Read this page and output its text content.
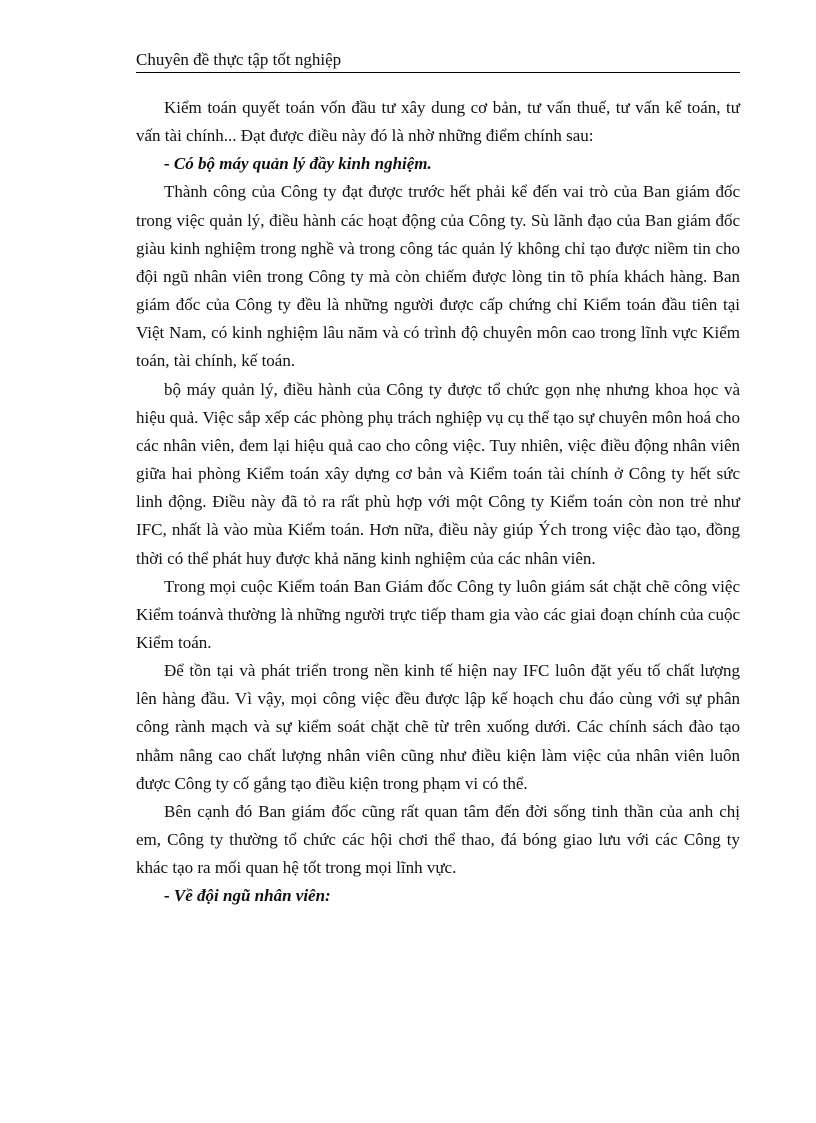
Chuyên đề thực tập tốt nghiệp

Kiểm toán quyết toán vốn đầu tư xây dung cơ bản, tư vấn thuế, tư vấn kế toán, tư vấn tài chính... Đạt được điều này đó là nhờ những điểm chính sau:

- Có bộ máy quản lý đầy kinh nghiệm.

Thành công của Công ty đạt được trước hết phải kể đến vai trò của Ban giám đốc trong việc quản lý, điều hành các hoạt động của Công ty. Sù lãnh đạo của Ban giám đốc giàu kinh nghiệm trong nghề và trong công tác quản lý không chỉ tạo được niềm tin cho đội ngũ nhân viên trong Công ty mà còn chiếm được lòng tin tõ phía khách hàng. Ban giám đốc của Công ty đều là những người được cấp chứng chỉ Kiểm toán đầu tiên tại Việt Nam, có kinh nghiệm lâu năm và có trình độ chuyên môn cao trong lĩnh vực Kiểm toán, tài chính, kế toán.

bộ máy quản lý, điều hành của Công ty được tổ chức gọn nhẹ nhưng khoa học và hiệu quả. Việc sắp xếp các phòng phụ trách nghiệp vụ cụ thể tạo sự chuyên môn hoá cho các nhân viên, đem lại hiệu quả cao cho công việc. Tuy nhiên, việc điều động nhân viên giữa hai phòng Kiểm toán xây dựng cơ bản và Kiểm toán tài chính ở Công ty hết sức linh động. Điều này đã tỏ ra rất phù hợp với một Công ty Kiểm toán còn non trẻ như IFC, nhất là vào mùa Kiểm toán. Hơn nữa, điều này giúp Ých trong việc đào tạo, đồng thời có thể phát huy được khả năng kinh nghiệm của các nhân viên.

Trong mọi cuộc Kiểm toán Ban Giám đốc Công ty luôn giám sát chặt chẽ công việc Kiểm toánvà thường là những người trực tiếp tham gia vào các giai đoạn chính của cuộc Kiểm toán.

Để tồn tại và phát triển trong nền kinh tế hiện nay IFC luôn đặt yếu tố chất lượng lên hàng đầu. Vì vậy, mọi công việc đều được lập kế hoạch chu đáo cùng với sự phân công rành mạch và sự kiểm soát chặt chẽ từ trên xuống dưới. Các chính sách đào tạo nhằm nâng cao chất lượng nhân viên cũng như điều kiện làm việc của nhân viên luôn được Công ty cố gắng tạo điều kiện trong phạm vi có thể.

Bên cạnh đó Ban giám đốc cũng rất quan tâm đến đời sống tinh thần của anh chị em, Công ty thường tổ chức các hội chơi thể thao, đá bóng giao lưu với các Công ty khác tạo ra mối quan hệ tốt trong mọi lĩnh vực.

- Về đội ngũ nhân viên:
